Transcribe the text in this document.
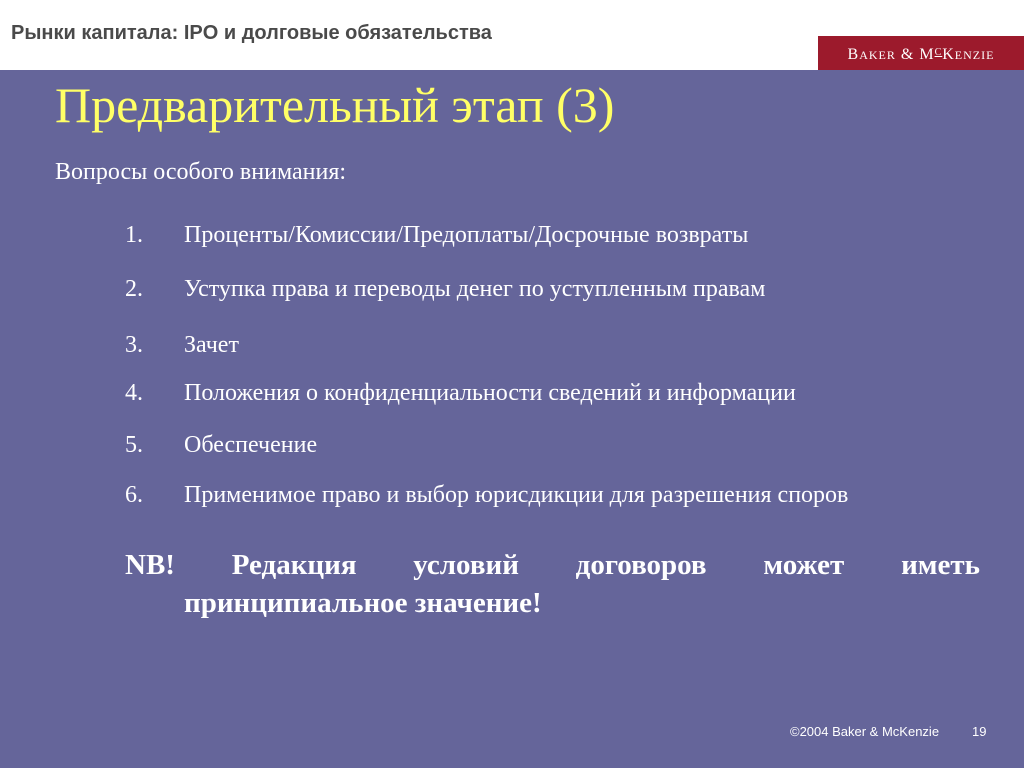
Рынки капитала: IPO и долговые обязательства
BAKER & $M^CKENZIE$
Предварительный этап (3)
Вопросы особого внимания:
1. Проценты/Комиссии/Предоплаты/Досрочные возвраты
2. Уступка права и переводы денег по уступленным правам
3. Зачет
4. Положения о конфиденциальности сведений и информации
5. Обеспечение
6. Применимое право и выбор юрисдикции для разрешения споров
NB! Редакция условий договоров может иметь
принципиальное значение!
©2004 Baker & McKenzie	19
